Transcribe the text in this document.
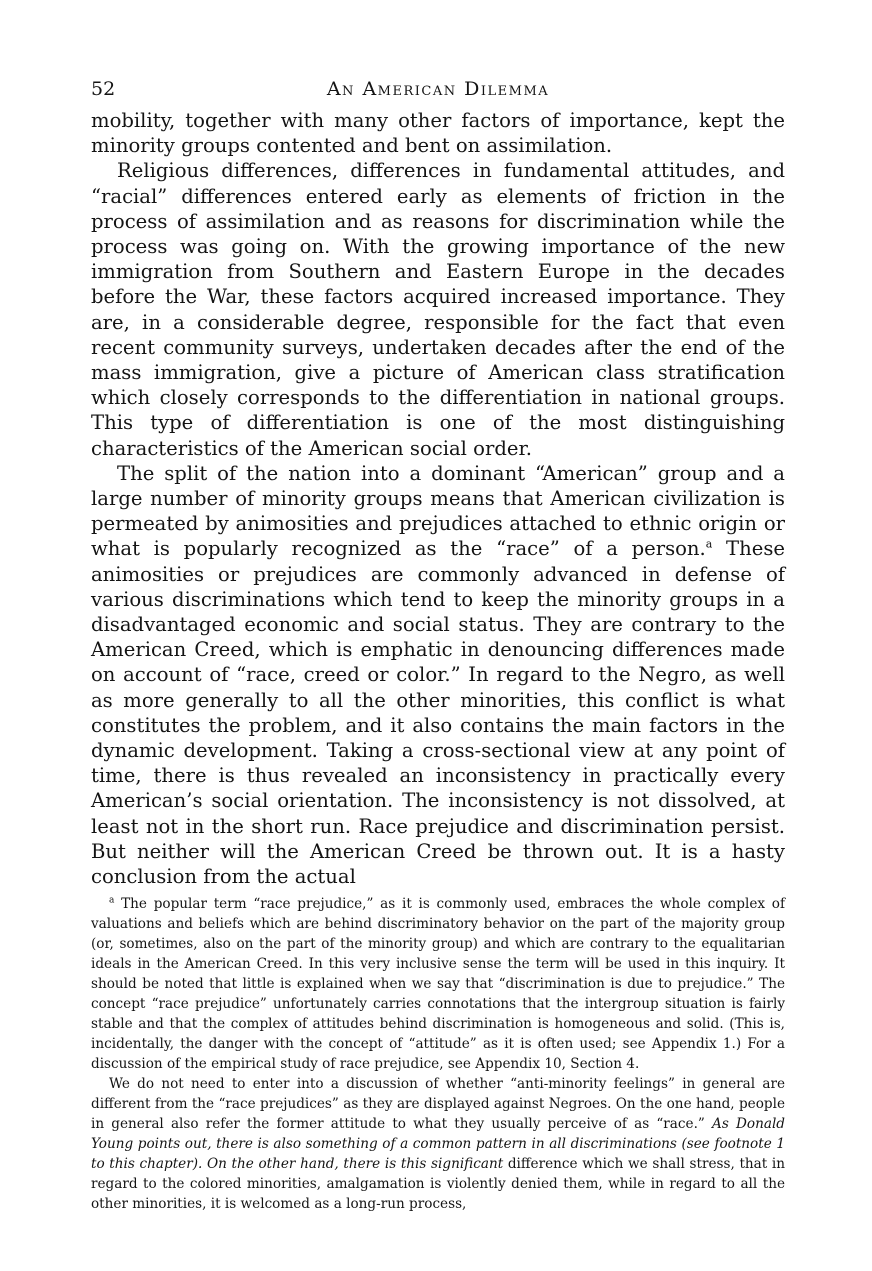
52	An American Dilemma

mobility, together with many other factors of importance, kept the minority groups contented and bent on assimilation.

Religious differences, differences in fundamental attitudes, and “racial” differences entered early as elements of friction in the process of assimilation and as reasons for discrimination while the process was going on. With the growing importance of the new immigration from Southern and Eastern Europe in the decades before the War, these factors acquired increased importance. They are, in a considerable degree, responsible for the fact that even recent community surveys, undertaken decades after the end of the mass immigration, give a picture of American class stratification which closely corresponds to the differentiation in national groups. This type of differentiation is one of the most distinguishing characteristics of the American social order.

The split of the nation into a dominant “American” group and a large number of minority groups means that American civilization is permeated by animosities and prejudices attached to ethnic origin or what is popularly recognized as the “race” of a person.$^a$ These animosities or prejudices are commonly advanced in defense of various discriminations which tend to keep the minority groups in a disadvantaged economic and social status. They are contrary to the American Creed, which is emphatic in denouncing differences made on account of “race, creed or color.” In regard to the Negro, as well as more generally to all the other minorities, this conflict is what constitutes the problem, and it also contains the main factors in the dynamic development. Taking a cross-sectional view at any point of time, there is thus revealed an inconsistency in practically every American’s social orientation. The inconsistency is not dissolved, at least not in the short run. Race prejudice and discrimination persist. But neither will the American Creed be thrown out. It is a hasty conclusion from the actual

$^a$ The popular term “race prejudice,” as it is commonly used, embraces the whole complex of valuations and beliefs which are behind discriminatory behavior on the part of the majority group (or, sometimes, also on the part of the minority group) and which are contrary to the equalitarian ideals in the American Creed. In this very inclusive sense the term will be used in this inquiry. It should be noted that little is explained when we say that “discrimination is due to prejudice.” The concept “race prejudice” unfortunately carries connotations that the intergroup situation is fairly stable and that the complex of attitudes behind discrimination is homogeneous and solid. (This is, incidentally, the danger with the concept of “attitude” as it is often used; see Appendix 1.) For a discussion of the empirical study of race prejudice, see Appendix 10, Section 4.

We do not need to enter into a discussion of whether “anti-minority feelings” in general are different from the “race prejudices” as they are displayed against Negroes. On the one hand, people in general also refer the former attitude to what they usually perceive of as “race.” As Donald Young points out, there is also something of a common pattern in all discriminations (see footnote 1 to this chapter). On the other hand, there is this significant difference which we shall stress, that in regard to the colored minorities, amalgamation is violently denied them, while in regard to all the other minorities, it is welcomed as a long-run process,
